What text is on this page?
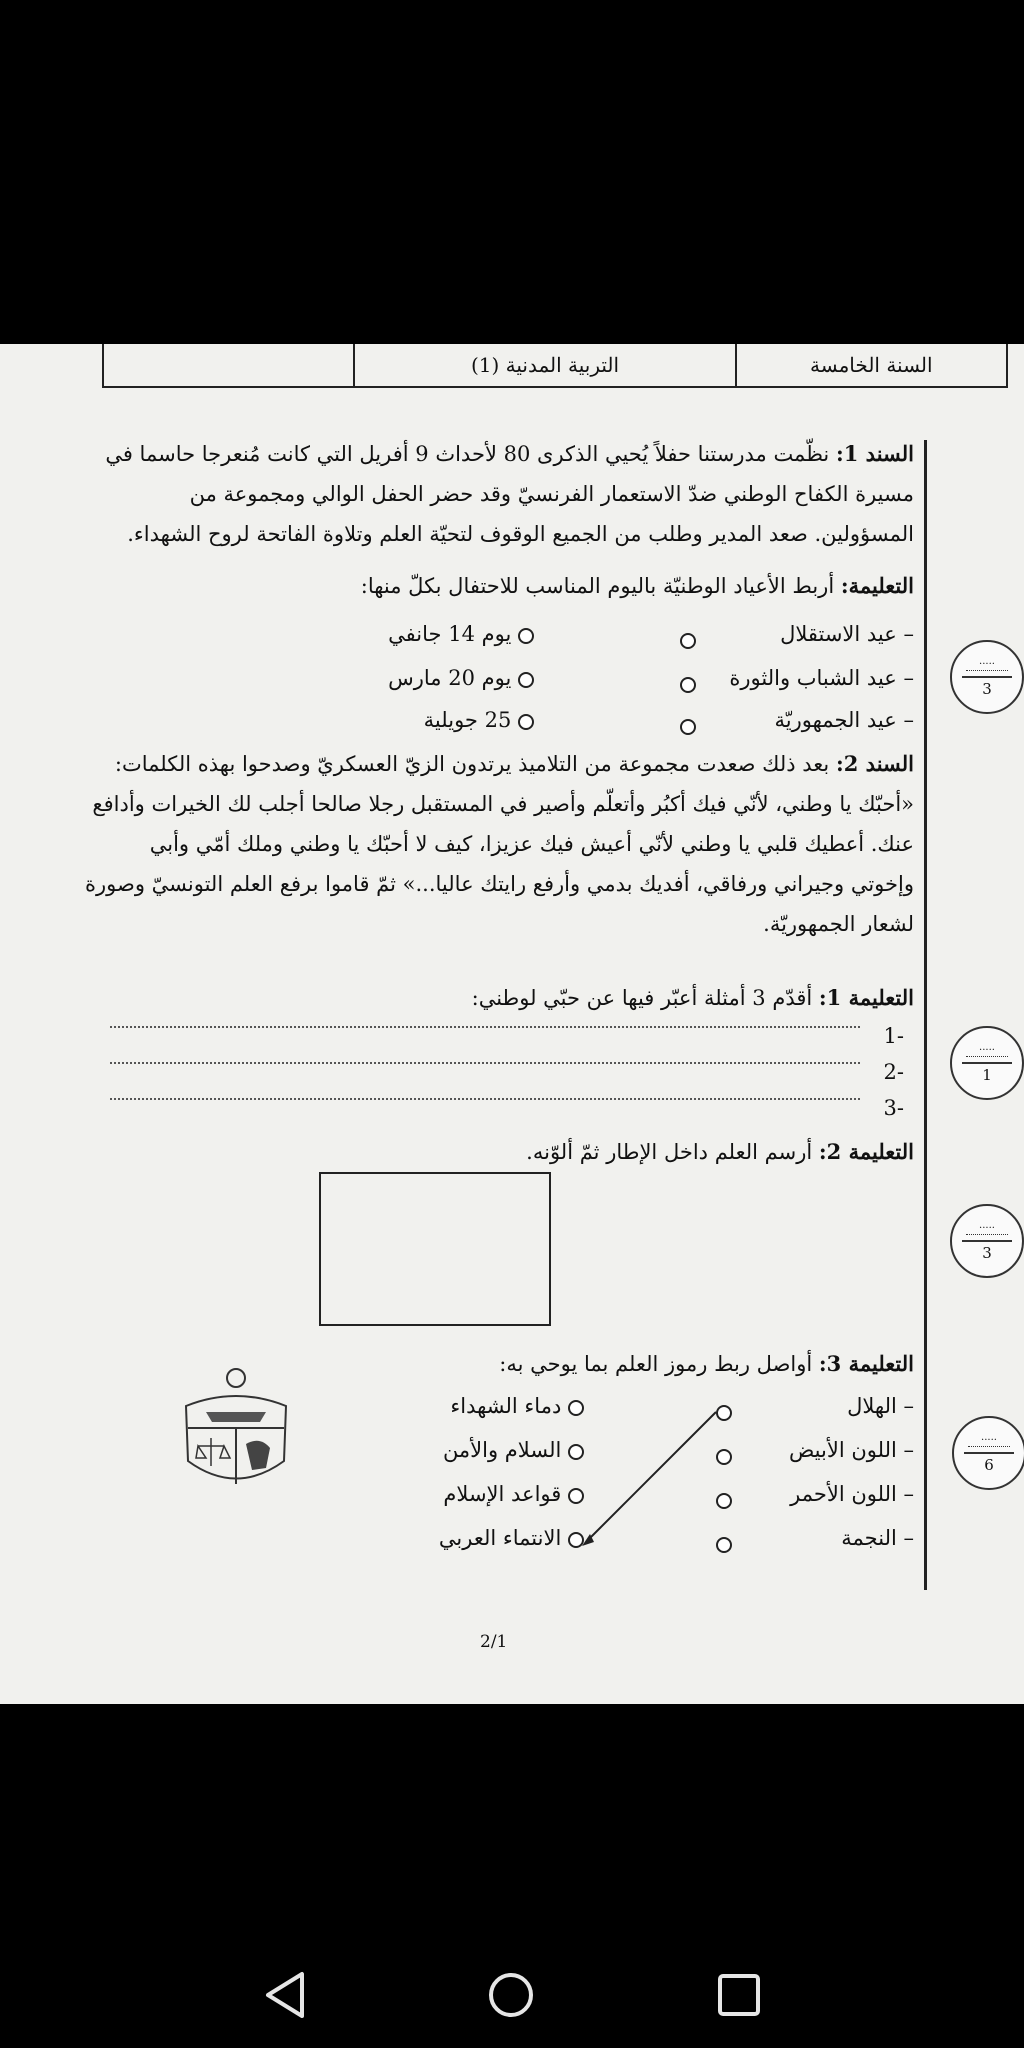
السنة الخامسة
التربية المدنية (1)
السند 1: نظّمت مدرستنا حفلاً يُحيي الذكرى 80 لأحداث 9 أفريل التي كانت مُنعرجا حاسما في مسيرة الكفاح الوطني ضدّ الاستعمار الفرنسيّ وقد حضر الحفل الوالي ومجموعة من المسؤولين. صعد المدير وطلب من الجميع الوقوف لتحيّة العلم وتلاوة الفاتحة لروح الشهداء.
التعليمة: أربط الأعياد الوطنيّة باليوم المناسب للاحتفال بكلّ منها:
– عيد الاستقلال
– عيد الشباب والثورة
– عيد الجمهوريّة
يوم 14 جانفي
يوم 20 مارس
25 جويلية
السند 2: بعد ذلك صعدت مجموعة من التلاميذ يرتدون الزيّ العسكريّ وصدحوا بهذه الكلمات: «أحبّك يا وطني، لأنّي فيك أكبُر وأتعلّم وأصير في المستقبل رجلا صالحا أجلب لك الخيرات وأدافع عنك. أعطيك قلبي يا وطني لأنّي أعيش فيك عزيزا، كيف لا أحبّك يا وطني وملك أمّي وأبي وإخوتي وجيراني ورفاقي، أفديك بدمي وأرفع رايتك عاليا...» ثمّ قاموا برفع العلم التونسيّ وصورة لشعار الجمهوريّة.
التعليمة 1: أقدّم 3 أمثلة أعبّر فيها عن حبّي لوطني:
-1
-2
-3
التعليمة 2: أرسم العلم داخل الإطار ثمّ ألوّنه.
التعليمة 3: أواصل ربط رموز العلم بما يوحي به:
– الهلال
– اللون الأبيض
– اللون الأحمر
– النجمة
دماء الشهداء
السلام والأمن
قواعد الإسلام
الانتماء العربي
.....
3
.....
1
.....
3
.....
6
2/1
